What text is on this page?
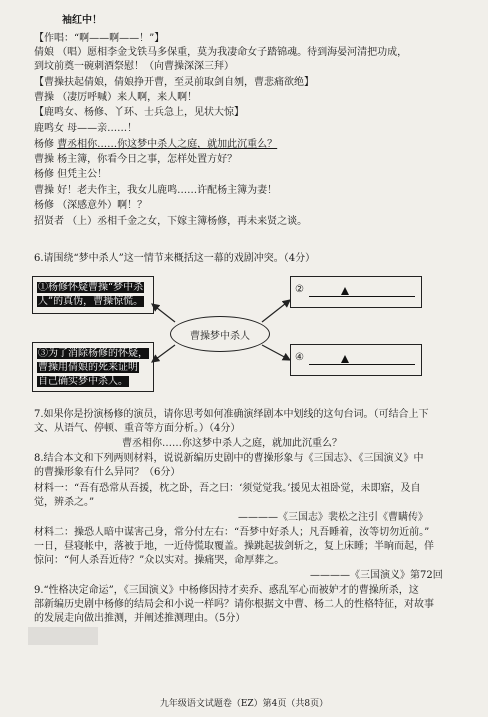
袖红中！
【作唱：“啊——啊——！”】
倩娘 （唱）愿相李金戈铁马多保重，莫为我凄命女子踏锦魂。待到海晏河清把功成，
到坟前奠一碗刺酒祭慰！（向曹操深深三拜）
【曹操扶起倩娘，倩娘挣开曹，至灵前取剑自刎，曹悲痛欲绝】
曹操 （凄厉呼喊）来人啊，来人啊！
【鹿鸣女、杨修、丫环、士兵急上，见状大惊】
鹿鸣女 母——亲……！
杨修 曹丞相你……你这梦中杀人之庭，就加此沉重么？
曹操 杨主簿，你看今日之事，怎样处置方好？
杨修 但凭主公！
曹操 好！老夫作主，我女儿鹿鸣……许配杨主簿为妻！
杨修 （深感意外）啊！？
招贤者 （上）丞相千金之女，下嫁主簿杨修，再未来贤之谈。
6.请围绕“梦中杀人”这一情节来概括这一幕的戏剧冲突。（4分）
①杨修怀疑曹操“梦中杀
人”的真伪，曹操惊慌。
②
曹操梦中杀人
③为了消除杨修的怀疑，
曹操用倩娘的死来证明
自己确实梦中杀人。
④
7.如果你是扮演杨修的演员，请你思考如何准确演绎剧本中划线的这句台词。（可结合上下
文、从语气、停顿、重音等方面分析。）（4分）
曹丞相你……你这梦中杀人之庭，就加此沉重么？
8.结合本文和下列两则材料，说说新编历史剧中的曹操形象与《三国志》、《三国演义》中
的曹操形象有什么异同？（6分）
材料一：“吾有恐常从吾援，枕之卧，吾之曰：‘须觉觉我。’援见太祖卧觉，未即寤，及自
觉，辨杀之。”
————《三国志》裴松之注引《曹瞒传》
材料二：操恐人暗中谋害己身，常分付左右：“吾梦中好杀人；凡吾睡着，汝等切勿近前。”
一日，昼寝帐中，落被于地，一近侍慌取覆盖。操跳起拔剑斩之，复上床睡；半晌而起，佯
惊问：“何人杀吾近侍？”众以实对。操痛哭，命厚葬之。
————《三国演义》第72回
9.“性格决定命运”，《三国演义》中杨修因持才卖乔、惑乱军心而被妒才的曹操所杀，这
部新编历史剧中杨修的结局会和小说一样吗？请你根据文中曹、杨二人的性格特征，对故事
的发展走向做出推测，并阐述推测理由。（5分）
九年级语文试题卷（EZ）第4页（共8页）
